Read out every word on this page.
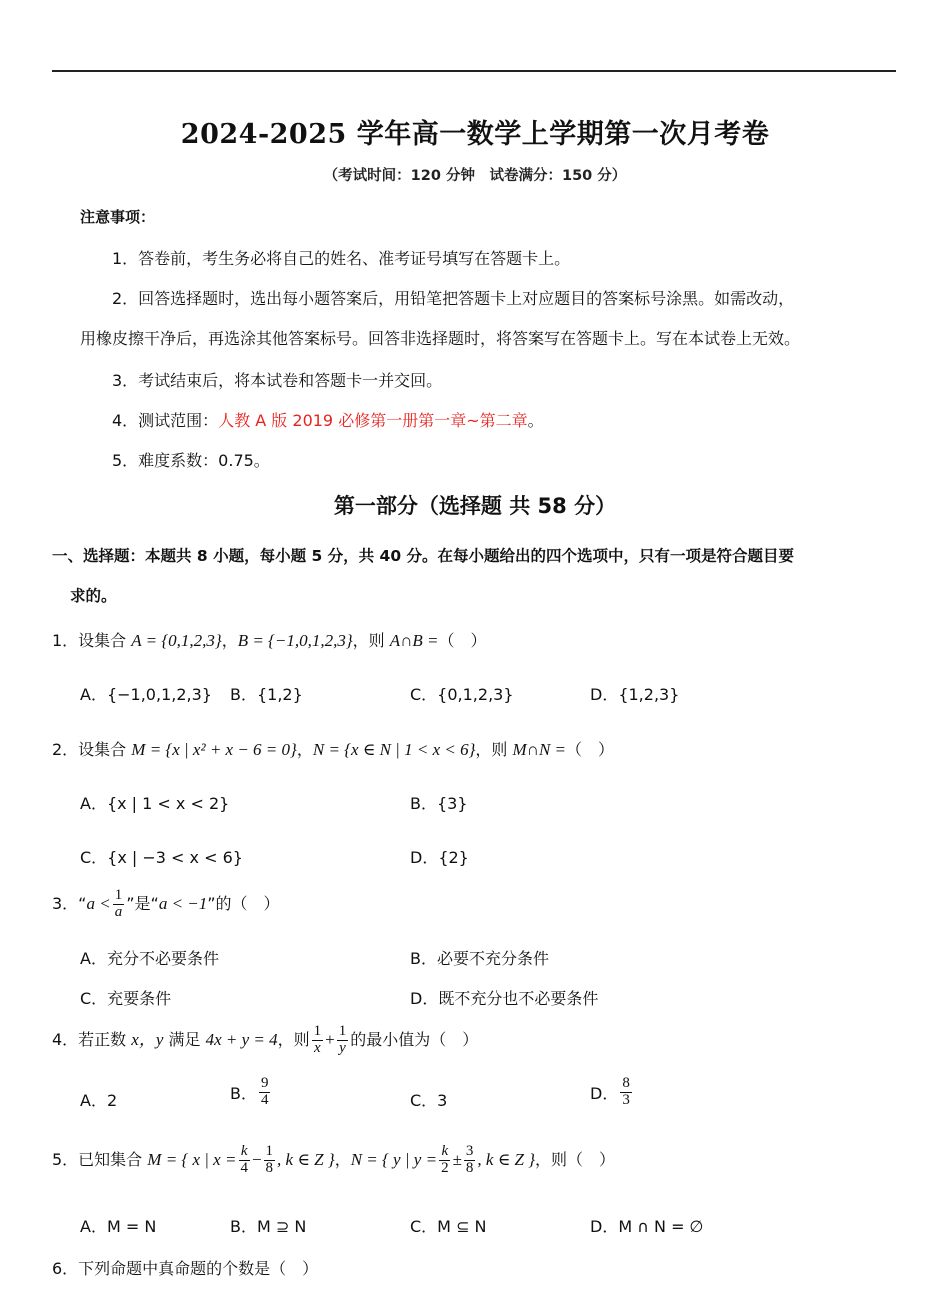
2024-2025 学年高一数学上学期第一次月考卷
（考试时间：120 分钟　试卷满分：150 分）
注意事项：
1．答卷前，考生务必将自己的姓名、准考证号填写在答题卡上。
2．回答选择题时，选出每小题答案后，用铅笔把答题卡上对应题目的答案标号涂黑。如需改动，
用橡皮擦干净后，再选涂其他答案标号。回答非选择题时，将答案写在答题卡上。写在本试卷上无效。
3．考试结束后，将本试卷和答题卡一并交回。
4．测试范围：人教 A 版 2019 必修第一册第一章~第二章。
5．难度系数：0.75。
第一部分（选择题 共 58 分）
一、选择题：本题共 8 小题，每小题 5 分，共 40 分。在每小题给出的四个选项中，只有一项是符合题目要
求的。
1．设集合 A = {0,1,2,3}，B = {−1,0,1,2,3}，则 A∩B =（　）
A．{−1,0,1,2,3} B．{1,2}	C．{0,1,2,3}	D．{1,2,3}
2．设集合 M = {x | x² + x − 6 = 0}，N = {x ∈ N | 1 < x < 6}，则 M∩N =（　）
A．{x | 1 < x < 2}	B．{3}
C．{x | −3 < x < 6}	D．{2}
3．“$a < \frac{1}{a}$ ”是“a < −1”的（　）
A．充分不必要条件	B．必要不充分条件
C．充要条件	D．既不充分也不必要条件
4．若正数 x，y 满足 4x + y = 4，则 $\frac{1}{x} + \frac{1}{y}$ 的最小值为（　）
A．2	B． $\frac{9}{4}$	C．3	D． $\frac{8}{3}$
5．已知集合 M = { x | $x = \frac{k}{4} - \frac{1}{8}$ , k ∈ Z }，N = { y | $y = \frac{k}{2} \pm \frac{3}{8}$ , k ∈ Z }，则（　）
A．M = N	B．M ⊇ N	C．M ⊆ N	D．M ∩ N = ∅
6．下列命题中真命题的个数是（　）
